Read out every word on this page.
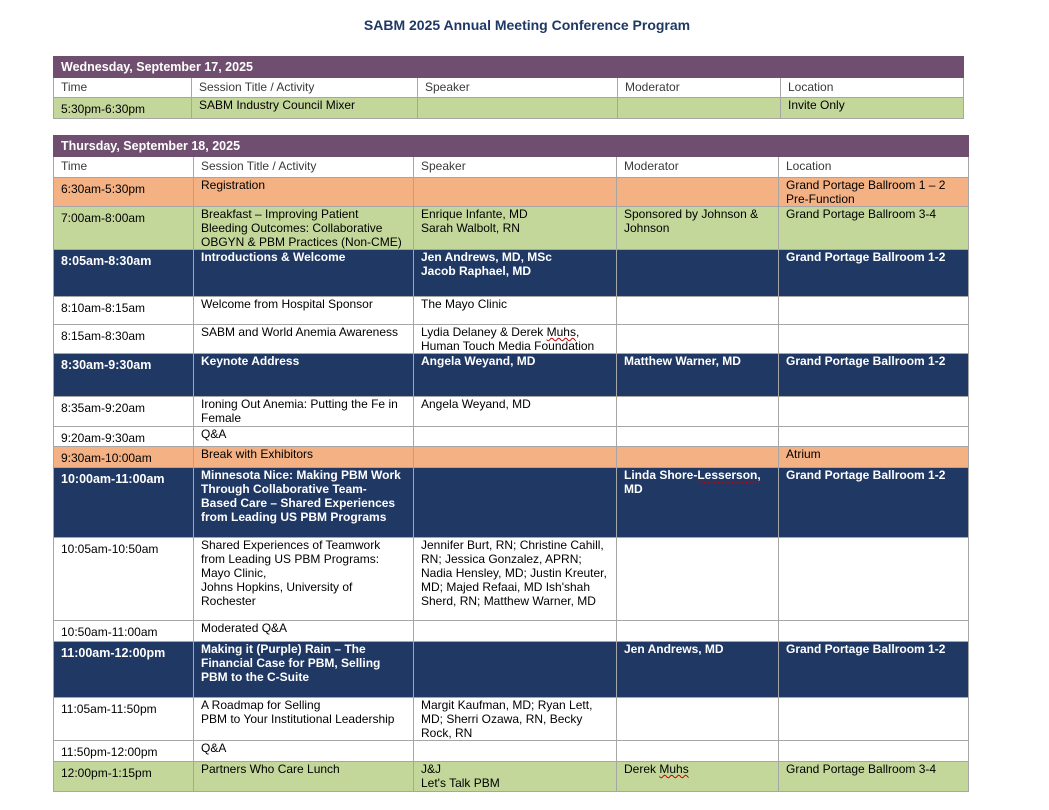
SABM 2025 Annual Meeting Conference Program
Wednesday, September 17, 2025				
Time	Session Title / Activity	Speaker	Moderator	Location
5:30pm-6:30pm	SABM Industry Council Mixer			Invite Only
Thursday, September 18, 2025				
Time	Session Title / Activity	Speaker	Moderator	Location
6:30am-5:30pm	Registration			Grand Portage Ballroom 1 – 2
Pre-Function
7:00am-8:00am	Breakfast – Improving Patient Bleeding Outcomes: Collaborative OBGYN & PBM Practices (Non-CME)	Enrique Infante, MD
Sarah Walbolt, RN	Sponsored by Johnson & Johnson	Grand Portage Ballroom 3-4
8:05am-8:30am	Introductions & Welcome	Jen Andrews, MD, MSc
Jacob Raphael, MD		Grand Portage Ballroom 1-2
8:10am-8:15am	Welcome from Hospital Sponsor	The Mayo Clinic		
8:15am-8:30am	SABM and World Anemia Awareness	Lydia Delaney & Derek Muhs, Human Touch Media Foundation		
8:30am-9:30am	Keynote Address	Angela Weyand, MD	Matthew Warner, MD	Grand Portage Ballroom 1-2
8:35am-9:20am	Ironing Out Anemia: Putting the Fe in Female	Angela Weyand, MD		
9:20am-9:30am	Q&A			
9:30am-10:00am	Break with Exhibitors			Atrium
10:00am-11:00am	Minnesota Nice: Making PBM Work Through Collaborative Team- Based Care – Shared Experiences from Leading US PBM Programs		Linda Shore-Lesserson, MD	Grand Portage Ballroom 1-2
10:05am-10:50am	Shared Experiences of Teamwork from Leading US PBM Programs: Mayo Clinic,
Johns Hopkins, University of Rochester	Jennifer Burt, RN; Christine Cahill, RN; Jessica Gonzalez, APRN; Nadia Hensley, MD; Justin Kreuter, MD; Majed Refaai, MD Ish'shah Sherd, RN; Matthew Warner, MD		
10:50am-11:00am	Moderated Q&A			
11:00am-12:00pm	Making it (Purple) Rain – The Financial Case for PBM, Selling PBM to the C-Suite		Jen Andrews, MD	Grand Portage Ballroom 1-2
11:05am-11:50pm	A Roadmap for Selling
PBM to Your Institutional Leadership	Margit Kaufman, MD; Ryan Lett, MD; Sherri Ozawa, RN, Becky Rock, RN		
11:50pm-12:00pm	Q&A			
12:00pm-1:15pm	Partners Who Care Lunch	J&J
Let's Talk PBM	Derek Muhs	Grand Portage Ballroom 3-4
